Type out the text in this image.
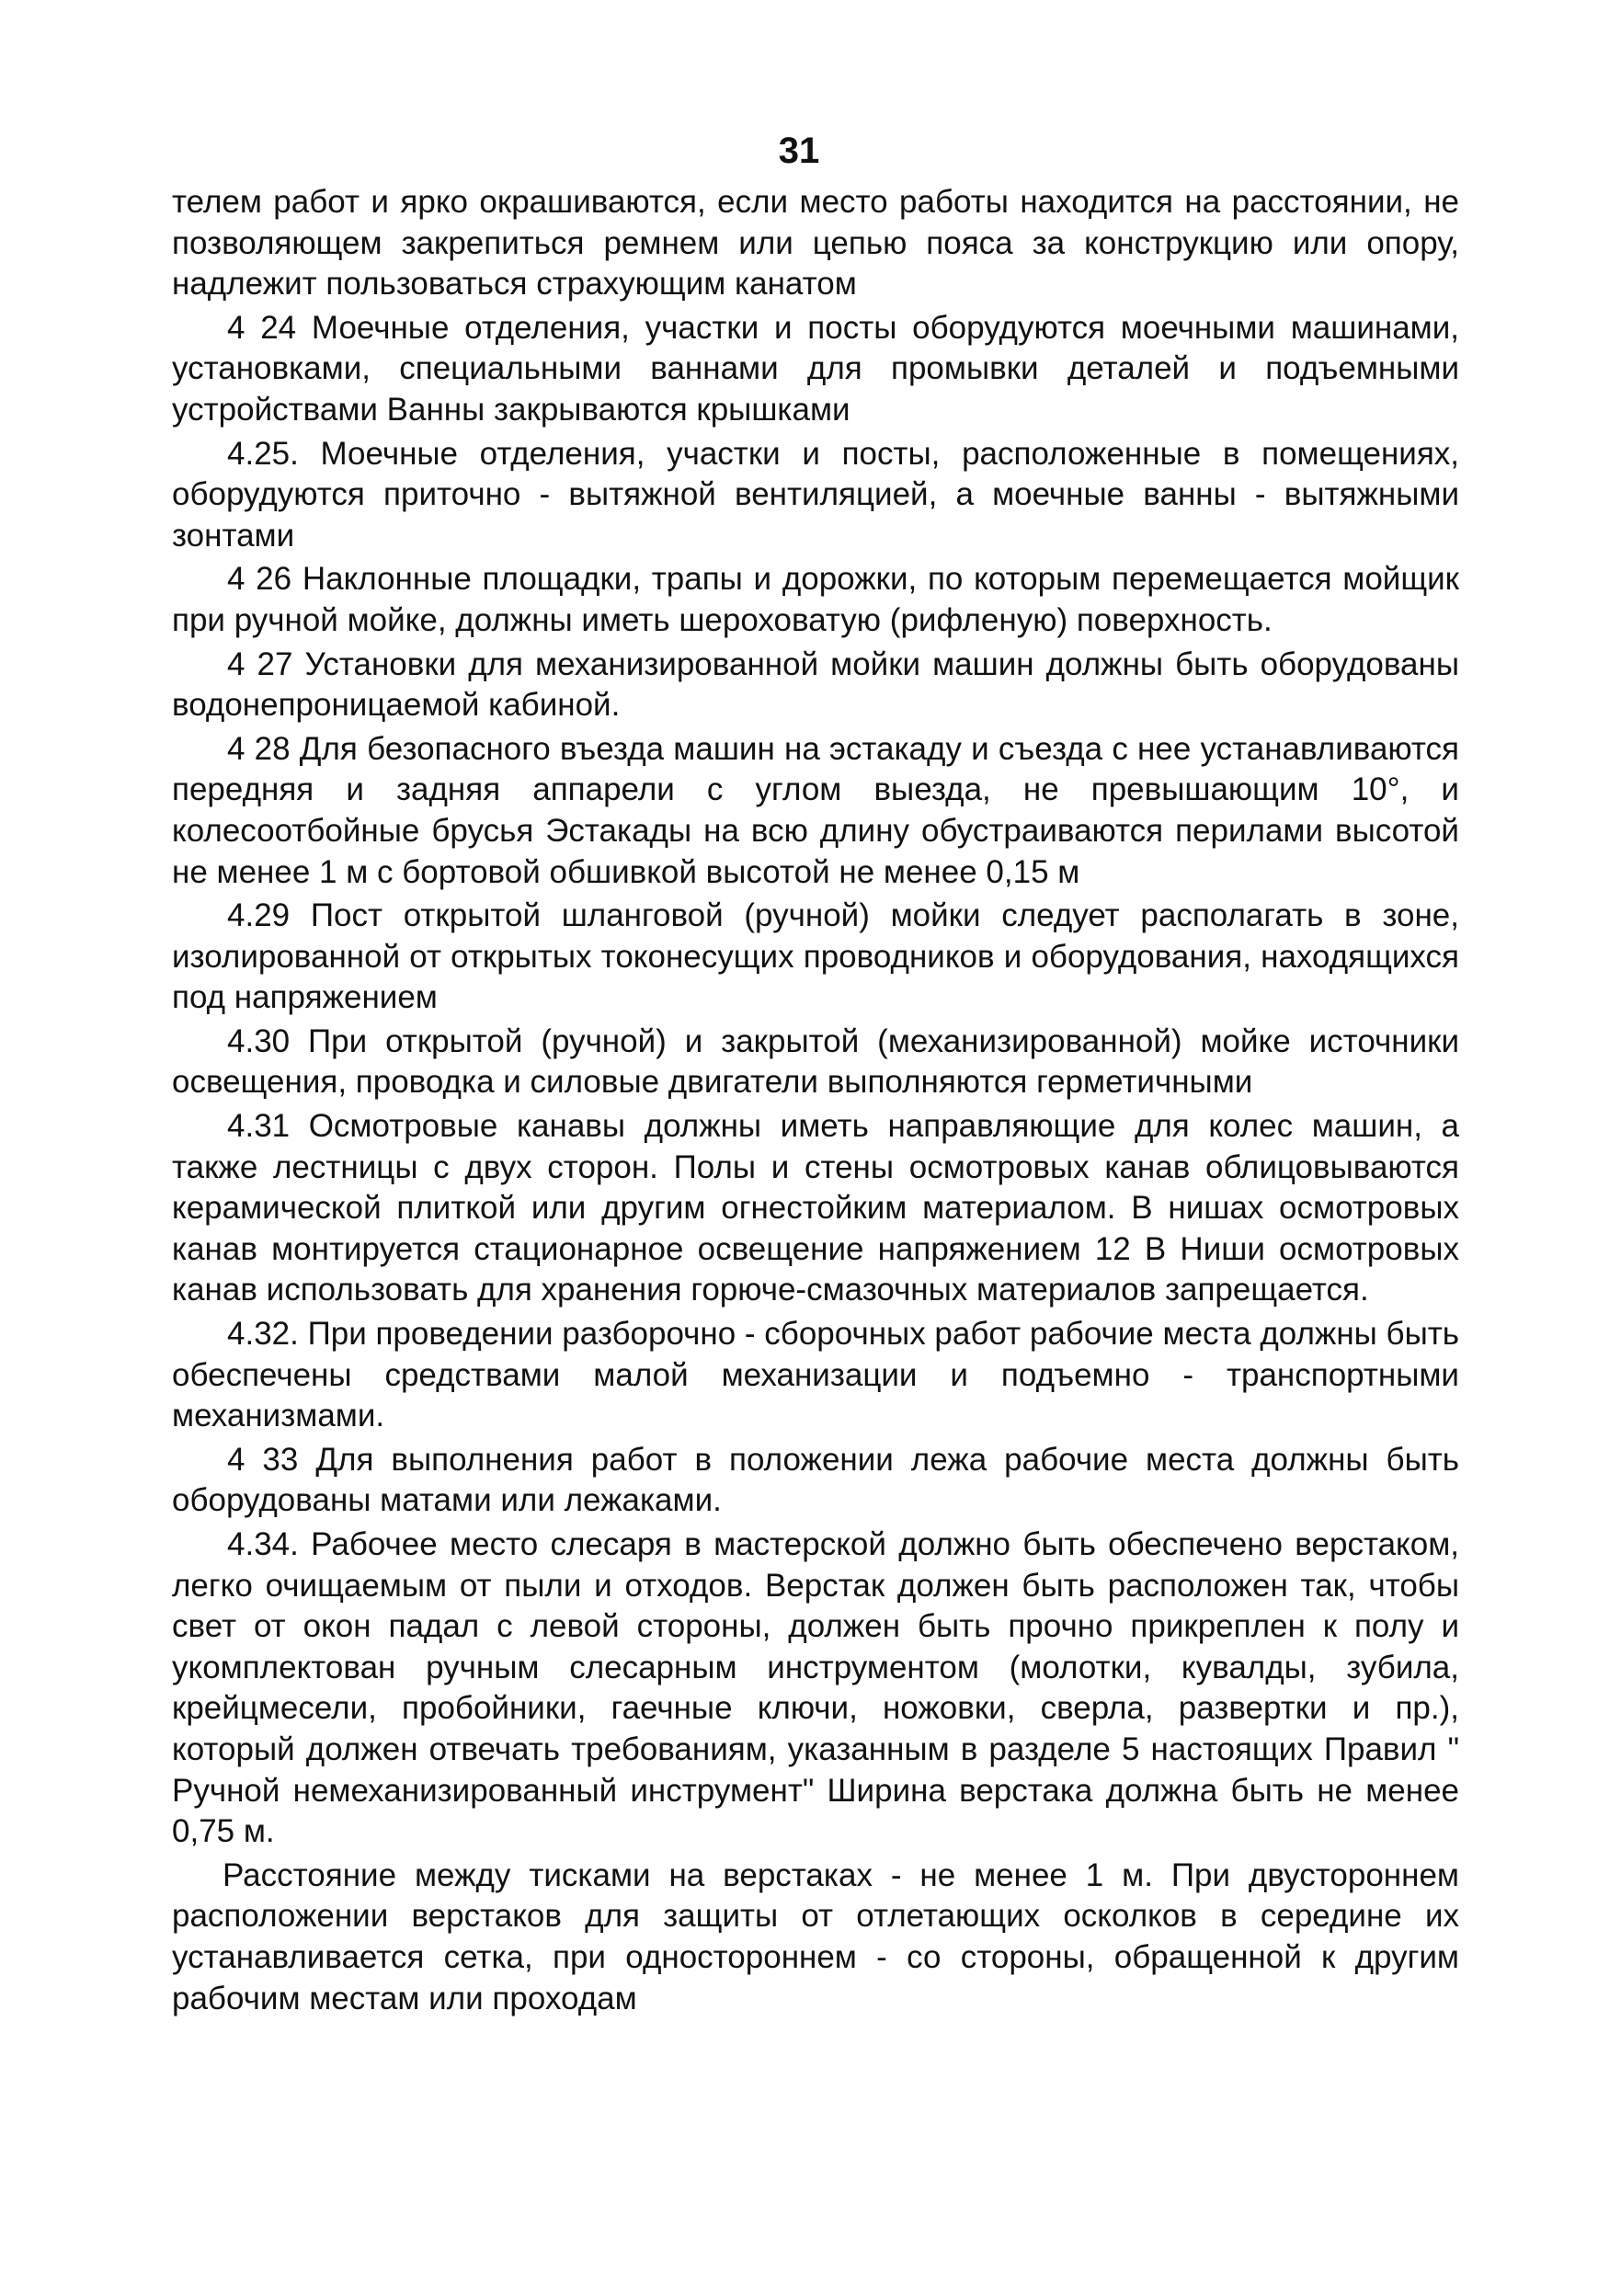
31

телем работ и ярко окрашиваются, если место работы находится на расстоянии, не позволяющем закрепиться ремнем или цепью пояса за конструкцию или опору, надлежит пользоваться страхующим канатом

4 24 Моечные отделения, участки и посты оборудуются моечными машинами, установками, специальными ваннами для промывки деталей и подъемными устройствами Ванны закрываются крышками

4.25. Моечные отделения, участки и посты, расположенные в помещениях, оборудуются приточно - вытяжной вентиляцией, а моечные ванны - вытяжными зонтами

4 26 Наклонные площадки, трапы и дорожки, по которым перемещается мойщик при ручной мойке, должны иметь шероховатую (рифленую) поверхность.

4 27 Установки для механизированной мойки машин должны быть оборудованы водонепроницаемой кабиной.

4 28 Для безопасного въезда машин на эстакаду и съезда с нее устанавливаются передняя и задняя аппарели с углом выезда, не превышающим 10°, и колесоотбойные брусья Эстакады на всю длину обустраиваются перилами высотой не менее 1 м с бортовой обшивкой высотой не менее 0,15 м

4.29 Пост открытой шланговой (ручной) мойки следует располагать в зоне, изолированной от открытых токонесущих проводников и оборудования, находящихся под напряжением

4.30 При открытой (ручной) и закрытой (механизированной) мойке источники освещения, проводка и силовые двигатели выполняются герметичными

4.31 Осмотровые канавы должны иметь направляющие для колес машин, а также лестницы с двух сторон. Полы и стены осмотровых канав облицовываются керамической плиткой или другим огнестойким материалом. В нишах осмотровых канав монтируется стационарное освещение напряжением 12 В Ниши осмотровых канав использовать для хранения горюче-смазочных материалов запрещается.

4.32. При проведении разборочно - сборочных работ рабочие места должны быть обеспечены средствами малой механизации и подъемно - транспортными механизмами.

4 33 Для выполнения работ в положении лежа рабочие места должны быть оборудованы матами или лежаками.

4.34. Рабочее место слесаря в мастерской должно быть обеспечено верстаком, легко очищаемым от пыли и отходов. Верстак должен быть расположен так, чтобы свет от окон падал с левой стороны, должен быть прочно прикреплен к полу и укомплектован ручным слесарным инструментом (молотки, кувалды, зубила, крейцмесели, пробойники, гаечные ключи, ножовки, сверла, развертки и пр.), который должен отвечать требованиям, указанным в разделе 5 настоящих Правил " Ручной немеханизированный инструмент" Ширина верстака должна быть не менее 0,75 м.

Расстояние между тисками на верстаках - не менее 1 м. При двустороннем расположении верстаков для защиты от отлетающих осколков в середине их устанавливается сетка, при одностороннем - со стороны, обращенной к другим рабочим местам или проходам
